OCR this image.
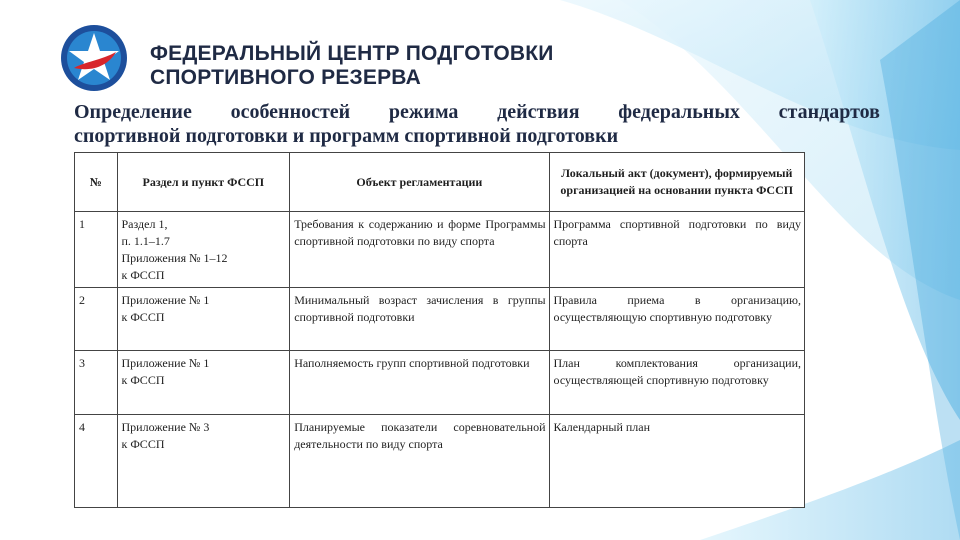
ФЕДЕРАЛЬНЫЙ ЦЕНТР ПОДГОТОВКИ
СПОРТИВНОГО РЕЗЕРВА
Определение особенностей режима действия федеральных стандартов
спортивной подготовки и программ спортивной подготовки
№	Раздел и пункт ФССП	Объект регламентации	Локальный акт (документ), формируемый организацией на основании пункта ФССП
1	Раздел 1,
п. 1.1–1.7
Приложения № 1–12
к ФССП	Требования к содержанию и форме Программы спортивной подготовки по виду спорта	Программа спортивной подготовки по виду спорта
2	Приложение № 1
к ФССП	Минимальный возраст зачисления в группы спортивной подготовки	Правила приема в организацию, осуществляющую спортивную подготовку
3	Приложение № 1
к ФССП	Наполняемость групп спортивной подготовки	План комплектования организации, осуществляющей спортивную подготовку
4	Приложение № 3
к ФССП	Планируемые показатели соревновательной деятельности по виду спорта	Календарный план
